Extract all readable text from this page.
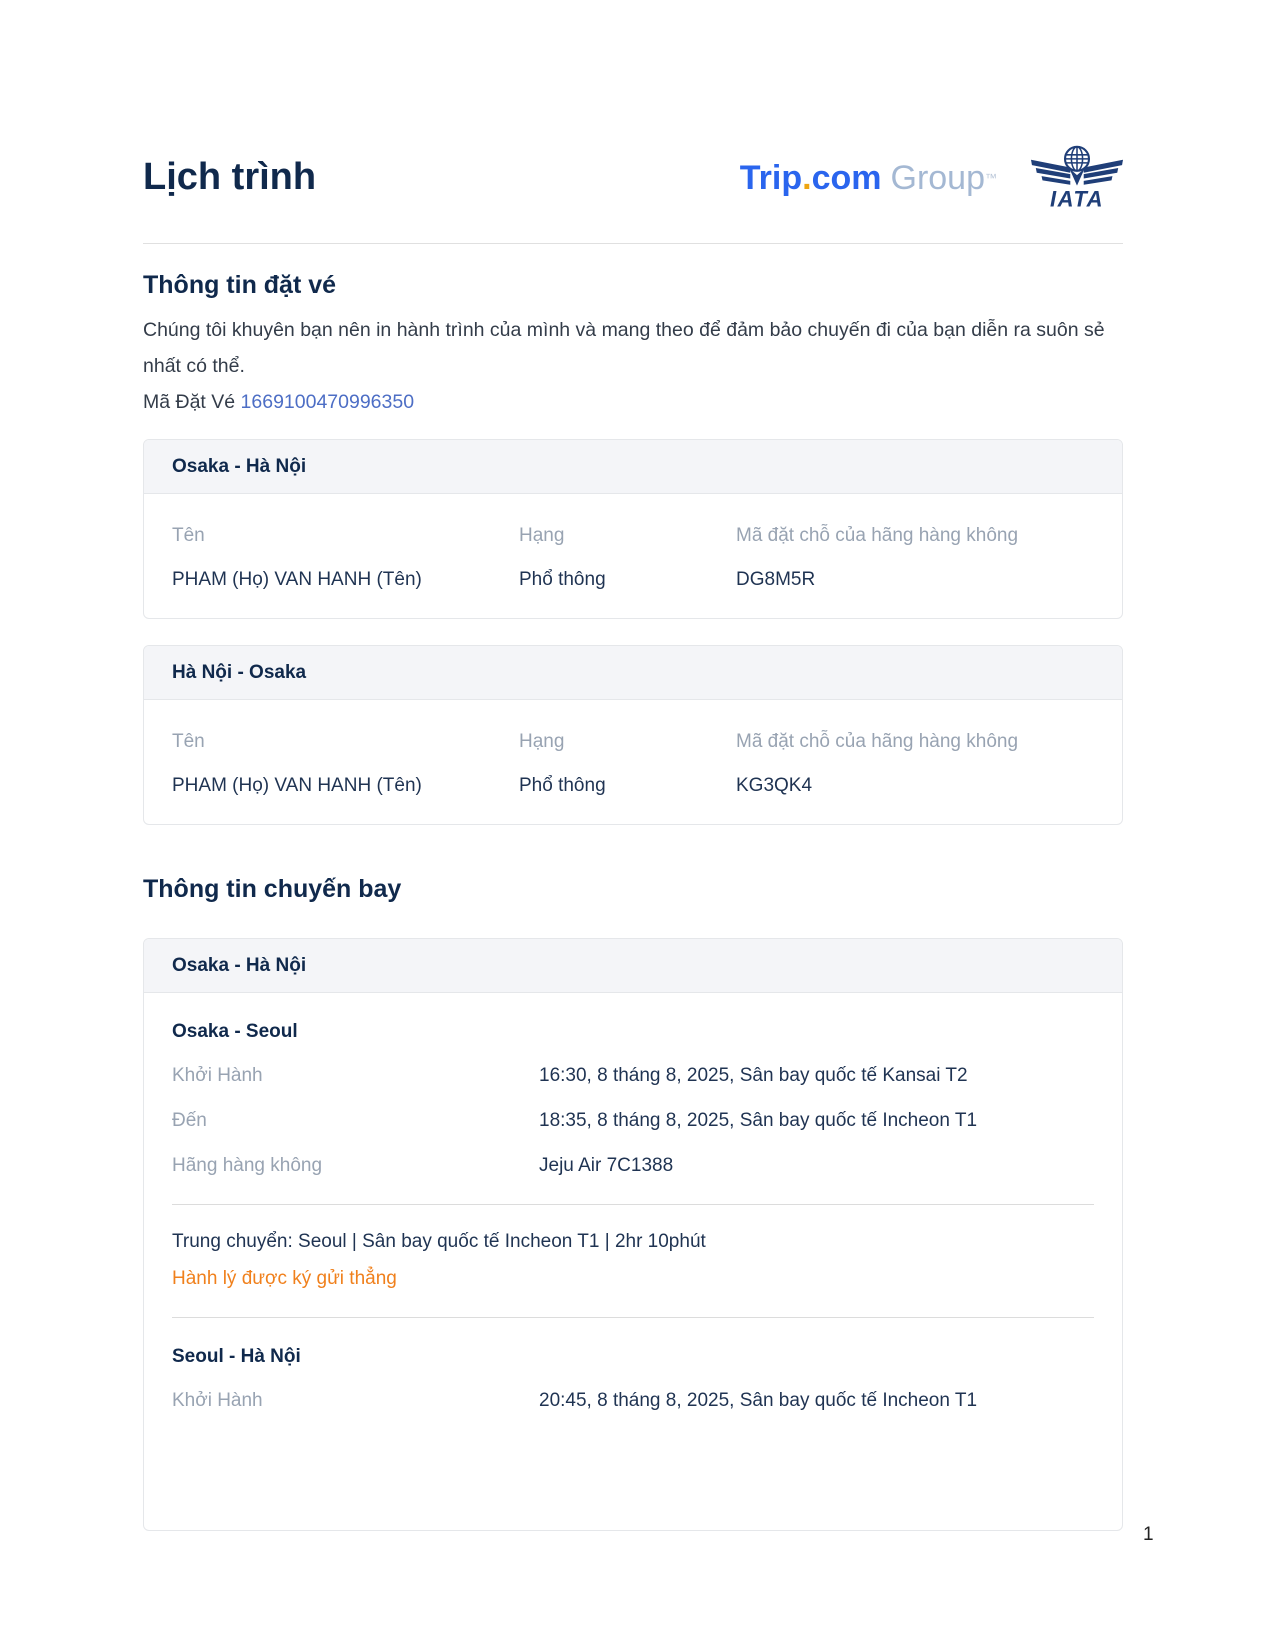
Lịch trình	Trip.com Group™
IATA
Thông tin đặt vé

Chúng tôi khuyên bạn nên in hành trình của mình và mang theo để đảm bảo chuyến đi của bạn diễn ra suôn sẻ nhất có thể.

Mã Đặt Vé 1669100470996350

Osaka - Hà Nội
Tên	Hạng	Mã đặt chỗ của hãng hàng không
PHAM (Họ) VAN HANH (Tên)	Phổ thông	DG8M5R
Hà Nội - Osaka
Tên	Hạng	Mã đặt chỗ của hãng hàng không
PHAM (Họ) VAN HANH (Tên)	Phổ thông	KG3QK4
Thông tin chuyến bay
Osaka - Hà Nội
Osaka - Seoul
Khởi Hành	16:30, 8 tháng 8, 2025, Sân bay quốc tế Kansai T2
Đến	18:35, 8 tháng 8, 2025, Sân bay quốc tế Incheon T1
Hãng hàng không	Jeju Air 7C1388
Trung chuyển: Seoul | Sân bay quốc tế Incheon T1 | 2hr 10phút
Hành lý được ký gửi thẳng
Seoul - Hà Nội
Khởi Hành	20:45, 8 tháng 8, 2025, Sân bay quốc tế Incheon T1
1
